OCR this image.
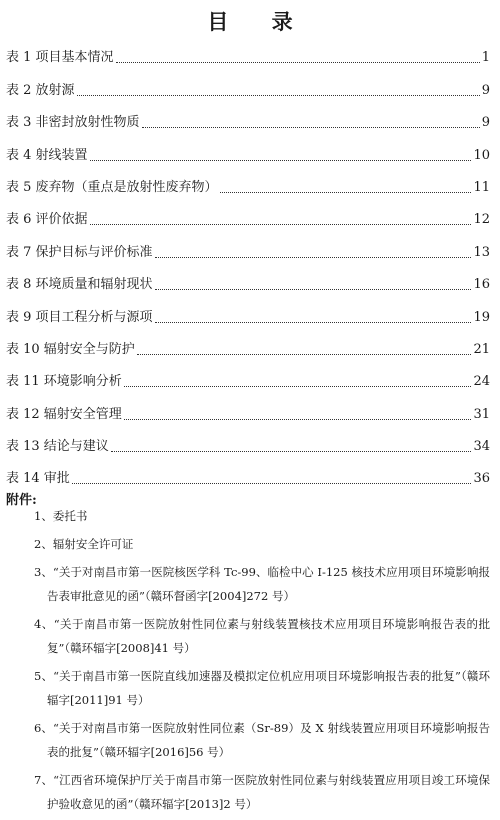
目 录
表 1 项目基本情况	1
表 2 放射源	9
表 3 非密封放射性物质	9
表 4 射线装置	10
表 5 废弃物（重点是放射性废弃物）	11
表 6 评价依据	12
表 7 保护目标与评价标准	13
表 8 环境质量和辐射现状	16
表 9 项目工程分析与源项	19
表 10 辐射安全与防护	21
表 11 环境影响分析	24
表 12 辐射安全管理	31
表 13 结论与建议	34
表 14 审批	36
附件:
1、委托书
2、辐射安全许可证
3、“关于对南昌市第一医院核医学科 Tc-99、临检中心 I-125 核技术应用项目环境影响报告表审批意见的函”（赣环督函字[2004]272 号）
4、“关于南昌市第一医院放射性同位素与射线装置核技术应用项目环境影响报告表的批复”（赣环辐字[2008]41 号）
5、“关于南昌市第一医院直线加速器及模拟定位机应用项目环境影响报告表的批复”（赣环辐字[2011]91 号）
6、“关于对南昌市第一医院放射性同位素（Sr-89）及 X 射线装置应用项目环境影响报告表的批复”（赣环辐字[2016]56 号）
7、“江西省环境保护厅关于南昌市第一医院放射性同位素与射线装置应用项目竣工环境保护验收意见的函”（赣环辐字[2013]2 号）
